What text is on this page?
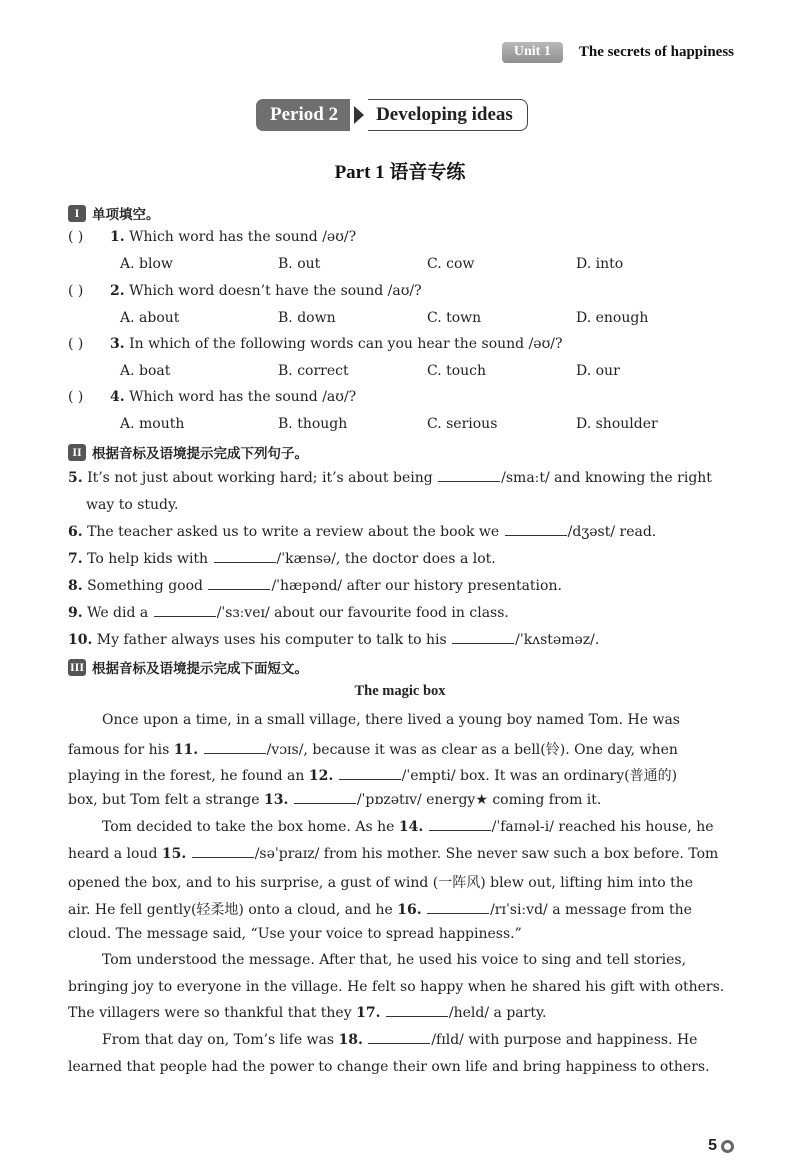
Unit 1	The secrets of happiness
Period 2	Developing ideas
Part 1 语音专练
I 单项填空。
( ) 1. Which word has the sound /əʊ/?
A. blow	B. out	C. cow	D. into
( ) 2. Which word doesn’t have the sound /aʊ/?
A. about	B. down	C. town	D. enough
( ) 3. In which of the following words can you hear the sound /əʊ/?
A. boat	B. correct	C. touch	D. our
( ) 4. Which word has the sound /aʊ/?
A. mouth	B. though	C. serious	D. shoulder
II 根据音标及语境提示完成下列句子。
5. It’s not just about working hard; it’s about being	/smaːt/ and knowing the right
way to study.
6. The teacher asked us to write a review about the book we	/dʒəst/ read.
7. To help kids with	/ˈkænsə/, the doctor does a lot.
8. Something good	/ˈhæpənd/ after our history presentation.
9. We did a	/ˈsɜːveɪ/ about our favourite food in class.
10. My father always uses his computer to talk to his	/ˈkʌstəməz/.
III 根据音标及语境提示完成下面短文。
The magic box
Once upon a time, in a small village, there lived a young boy named Tom. He was
famous for his 11.	/vɔɪs/, because it was as clear as a bell(铃). One day, when
playing in the forest, he found an 12.	/ˈempti/ box. It was an ordinary(普通的)
box, but Tom felt a strange 13.	/ˈpɒzətɪv/ energy★ coming from it.
Tom decided to take the box home. As he 14.	/ˈfaɪnəl-i/ reached his house, he
heard a loud 15.	/səˈpraɪz/ from his mother. She never saw such a box before. Tom
opened the box, and to his surprise, a gust of wind (一阵风) blew out, lifting him into the
air. He fell gently(轻柔地) onto a cloud, and he 16.	/rɪˈsiːvd/ a message from the
cloud. The message said, “Use your voice to spread happiness.”
Tom understood the message. After that, he used his voice to sing and tell stories,
bringing joy to everyone in the village. He felt so happy when he shared his gift with others.
The villagers were so thankful that they 17.	/held/ a party.
From that day on, Tom’s life was 18.	/fɪld/ with purpose and happiness. He
learned that people had the power to change their own life and bring happiness to others.
5
